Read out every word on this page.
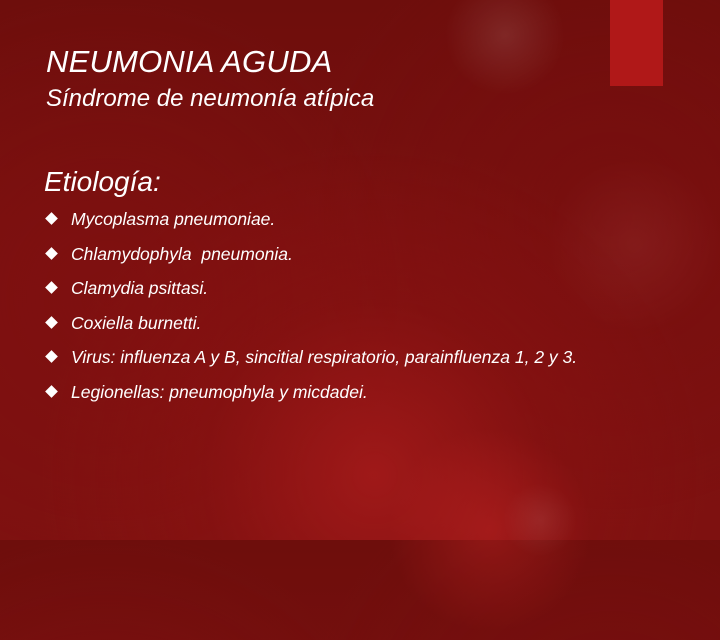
NEUMONIA AGUDA
Síndrome de neumonía atípica
Etiología:
Mycoplasma pneumoniae.
Chlamydophyla  pneumonia.
Clamydia psittasi.
Coxiella burnetti.
Virus: influenza A y B, sincitial respiratorio, parainfluenza 1, 2 y 3.
Legionellas: pneumophyla y micdadei.
